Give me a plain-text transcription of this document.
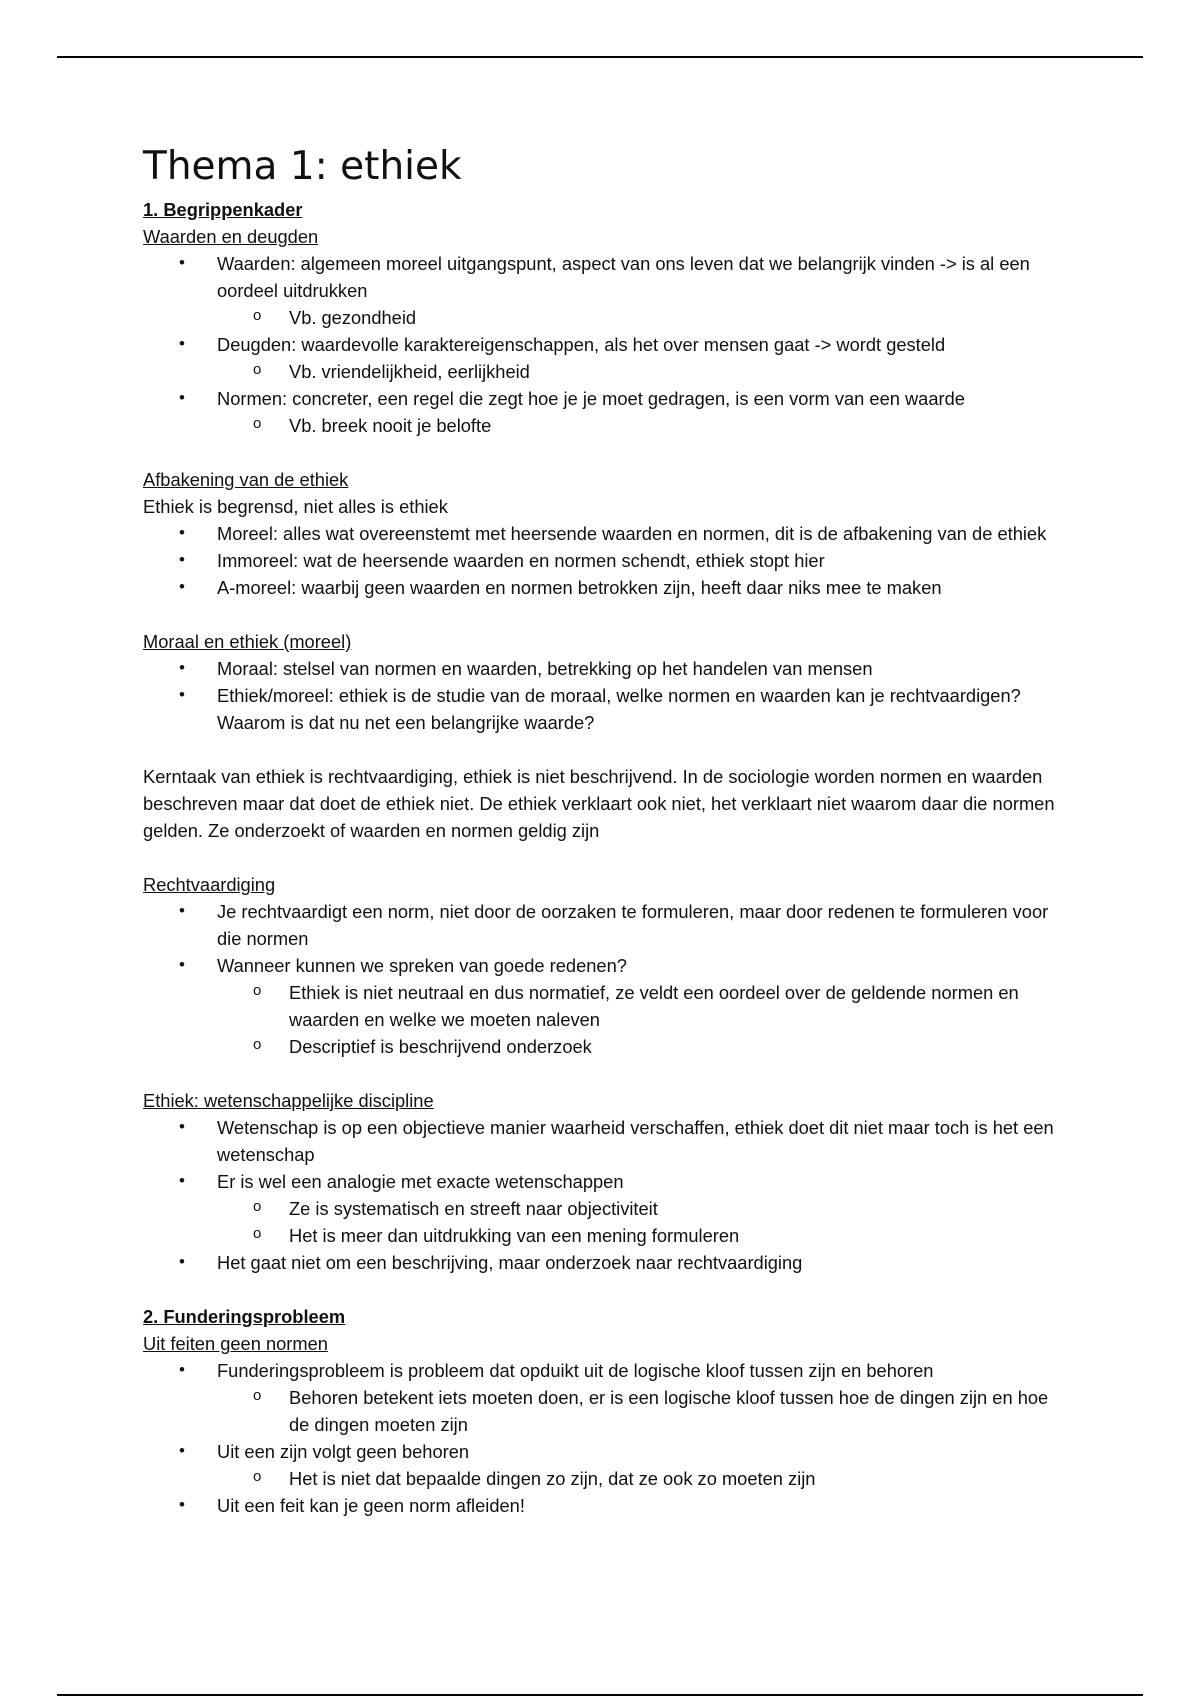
Thema 1: ethiek
1. Begrippenkader
Waarden en deugden
• Waarden: algemeen moreel uitgangspunt, aspect van ons leven dat we belangrijk vinden -> is al een oordeel uitdrukken
o Vb. gezondheid
• Deugden: waardevolle karaktereigenschappen, als het over mensen gaat -> wordt gesteld
o Vb. vriendelijkheid, eerlijkheid
• Normen: concreter, een regel die zegt hoe je je moet gedragen, is een vorm van een waarde
o Vb. breek nooit je belofte
Afbakening van de ethiek
Ethiek is begrensd, niet alles is ethiek
• Moreel: alles wat overeenstemt met heersende waarden en normen, dit is de afbakening van de ethiek
• Immoreel: wat de heersende waarden en normen schendt, ethiek stopt hier
• A-moreel: waarbij geen waarden en normen betrokken zijn, heeft daar niks mee te maken
Moraal en ethiek (moreel)
• Moraal: stelsel van normen en waarden, betrekking op het handelen van mensen
• Ethiek/moreel: ethiek is de studie van de moraal, welke normen en waarden kan je rechtvaardigen? Waarom is dat nu net een belangrijke waarde?
Kerntaak van ethiek is rechtvaardiging, ethiek is niet beschrijvend. In de sociologie worden normen en waarden beschreven maar dat doet de ethiek niet. De ethiek verklaart ook niet, het verklaart niet waarom daar die normen gelden. Ze onderzoekt of waarden en normen geldig zijn
Rechtvaardiging
• Je rechtvaardigt een norm, niet door de oorzaken te formuleren, maar door redenen te formuleren voor die normen
• Wanneer kunnen we spreken van goede redenen?
o Ethiek is niet neutraal en dus normatief, ze veldt een oordeel over de geldende normen en waarden en welke we moeten naleven
o Descriptief is beschrijvend onderzoek
Ethiek: wetenschappelijke discipline
• Wetenschap is op een objectieve manier waarheid verschaffen, ethiek doet dit niet maar toch is het een wetenschap
• Er is wel een analogie met exacte wetenschappen
o Ze is systematisch en streeft naar objectiviteit
o Het is meer dan uitdrukking van een mening formuleren
• Het gaat niet om een beschrijving, maar onderzoek naar rechtvaardiging
2. Funderingsprobleem
Uit feiten geen normen
• Funderingsprobleem is probleem dat opduikt uit de logische kloof tussen zijn en behoren
o Behoren betekent iets moeten doen, er is een logische kloof tussen hoe de dingen zijn en hoe de dingen moeten zijn
• Uit een zijn volgt geen behoren
o Het is niet dat bepaalde dingen zo zijn, dat ze ook zo moeten zijn
• Uit een feit kan je geen norm afleiden!
